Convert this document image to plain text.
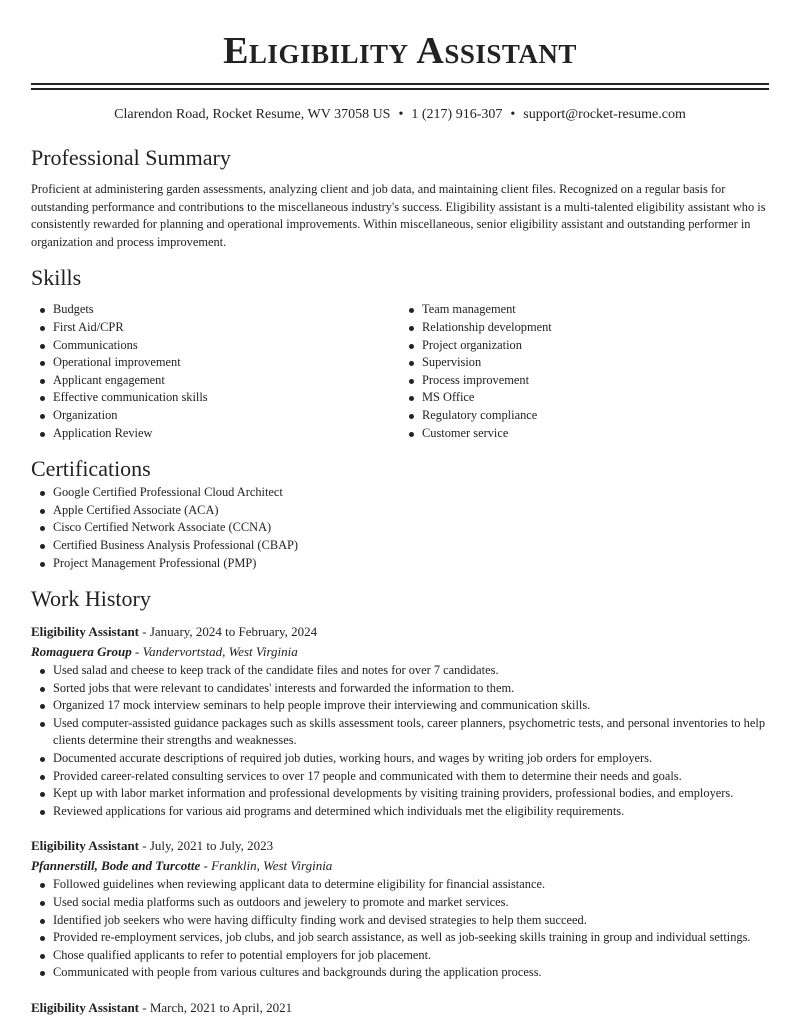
Eligibility Assistant
Clarendon Road, Rocket Resume, WV 37058 US • 1 (217) 916-307 • support@rocket-resume.com
Professional Summary

Proficient at administering garden assessments, analyzing client and job data, and maintaining client files. Recognized on a regular basis for outstanding performance and contributions to the miscellaneous industry's success. Eligibility assistant is a multi-talented eligibility assistant who is consistently rewarded for planning and operational improvements. Within miscellaneous, senior eligibility assistant and outstanding performer in organization and process improvement.

Skills
Budgets
First Aid/CPR
Communications
Operational improvement
Applicant engagement
Effective communication skills
Organization
Application Review
Team management
Relationship development
Project organization
Supervision
Process improvement
MS Office
Regulatory compliance
Customer service
Certifications
Google Certified Professional Cloud Architect
Apple Certified Associate (ACA)
Cisco Certified Network Associate (CCNA)
Certified Business Analysis Professional (CBAP)
Project Management Professional (PMP)
Work History
Eligibility Assistant - January, 2024 to February, 2024
Romaguera Group - Vandervortstad, West Virginia
Used salad and cheese to keep track of the candidate files and notes for over 7 candidates.
Sorted jobs that were relevant to candidates' interests and forwarded the information to them.
Organized 17 mock interview seminars to help people improve their interviewing and communication skills.
Used computer-assisted guidance packages such as skills assessment tools, career planners, psychometric tests, and personal inventories to help clients determine their strengths and weaknesses.
Documented accurate descriptions of required job duties, working hours, and wages by writing job orders for employers.
Provided career-related consulting services to over 17 people and communicated with them to determine their needs and goals.
Kept up with labor market information and professional developments by visiting training providers, professional bodies, and employers.
Reviewed applications for various aid programs and determined which individuals met the eligibility requirements.
Eligibility Assistant - July, 2021 to July, 2023
Pfannerstill, Bode and Turcotte - Franklin, West Virginia
Followed guidelines when reviewing applicant data to determine eligibility for financial assistance.
Used social media platforms such as outdoors and jewelery to promote and market services.
Identified job seekers who were having difficulty finding work and devised strategies to help them succeed.
Provided re-employment services, job clubs, and job search assistance, as well as job-seeking skills training in group and individual settings.
Chose qualified applicants to refer to potential employers for job placement.
Communicated with people from various cultures and backgrounds during the application process.
Eligibility Assistant - March, 2021 to April, 2021
